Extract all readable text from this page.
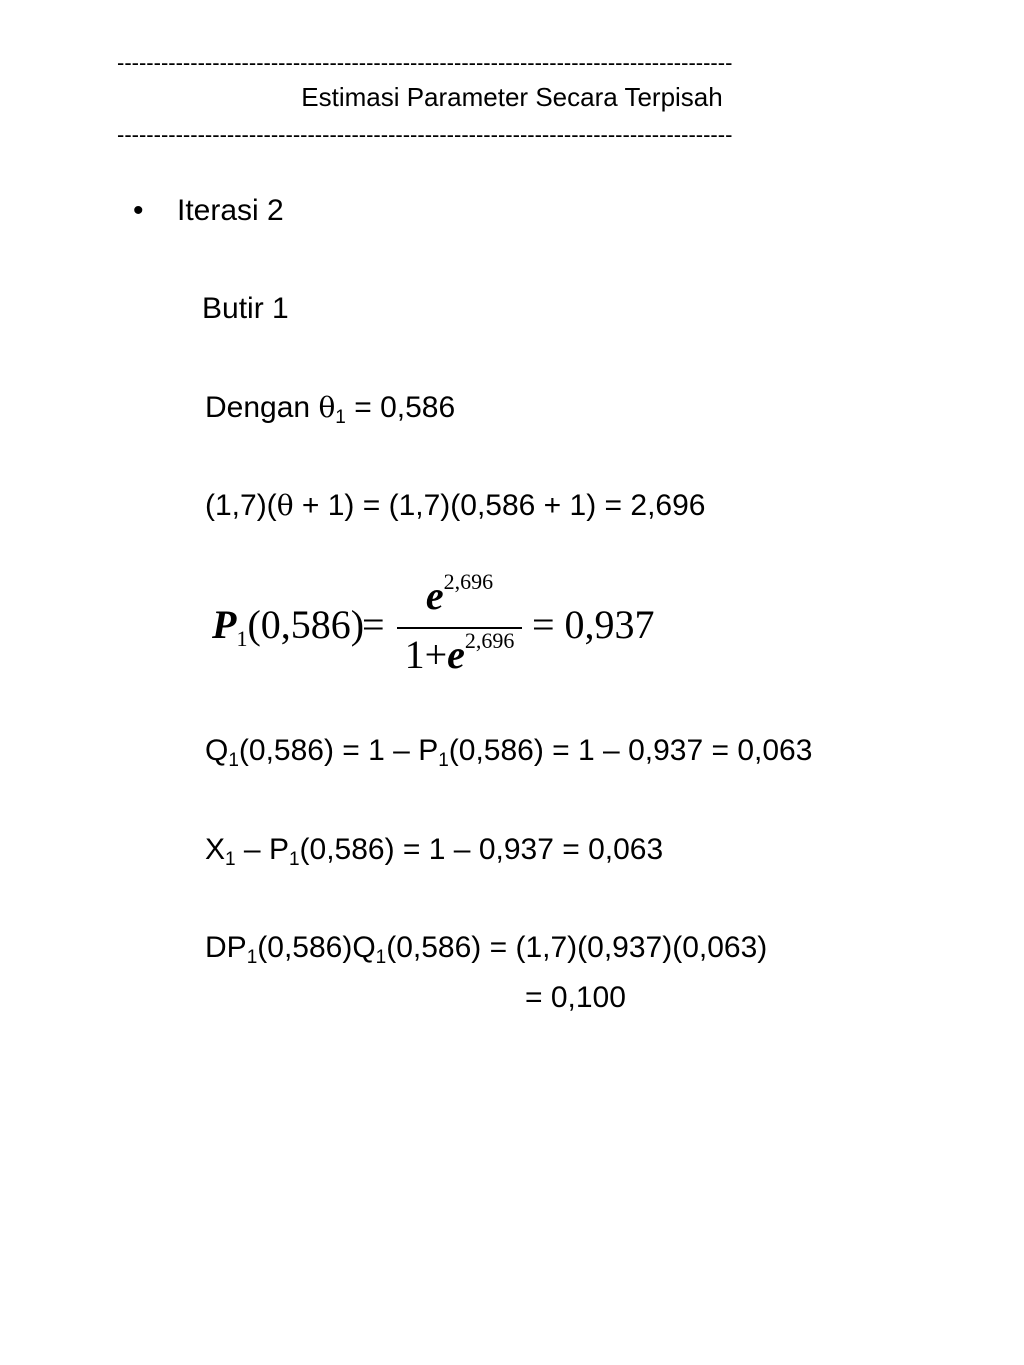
------------------------------------------------------------------------------------
Estimasi Parameter Secara Terpisah
------------------------------------------------------------------------------------
• Iterasi 2
Butir 1
Dengan $\theta_1 = 0,586$
(1,7)(θ + 1) = (1,7)(0,586 + 1) = 2,696
$P_1(0,586)$
=
$e^{2,696}$
$1+e^{2,696} = 0,937$
$Q_1(0,586) = 1 - P_1(0,586) = 1 - 0,937 = 0,063$
$X_1 - P_1(0,586) = 1 - 0,937 = 0,063$
$DP_1(0,586)Q_1(0,586) = (1,7)(0,937)(0,063)$
= 0,100
